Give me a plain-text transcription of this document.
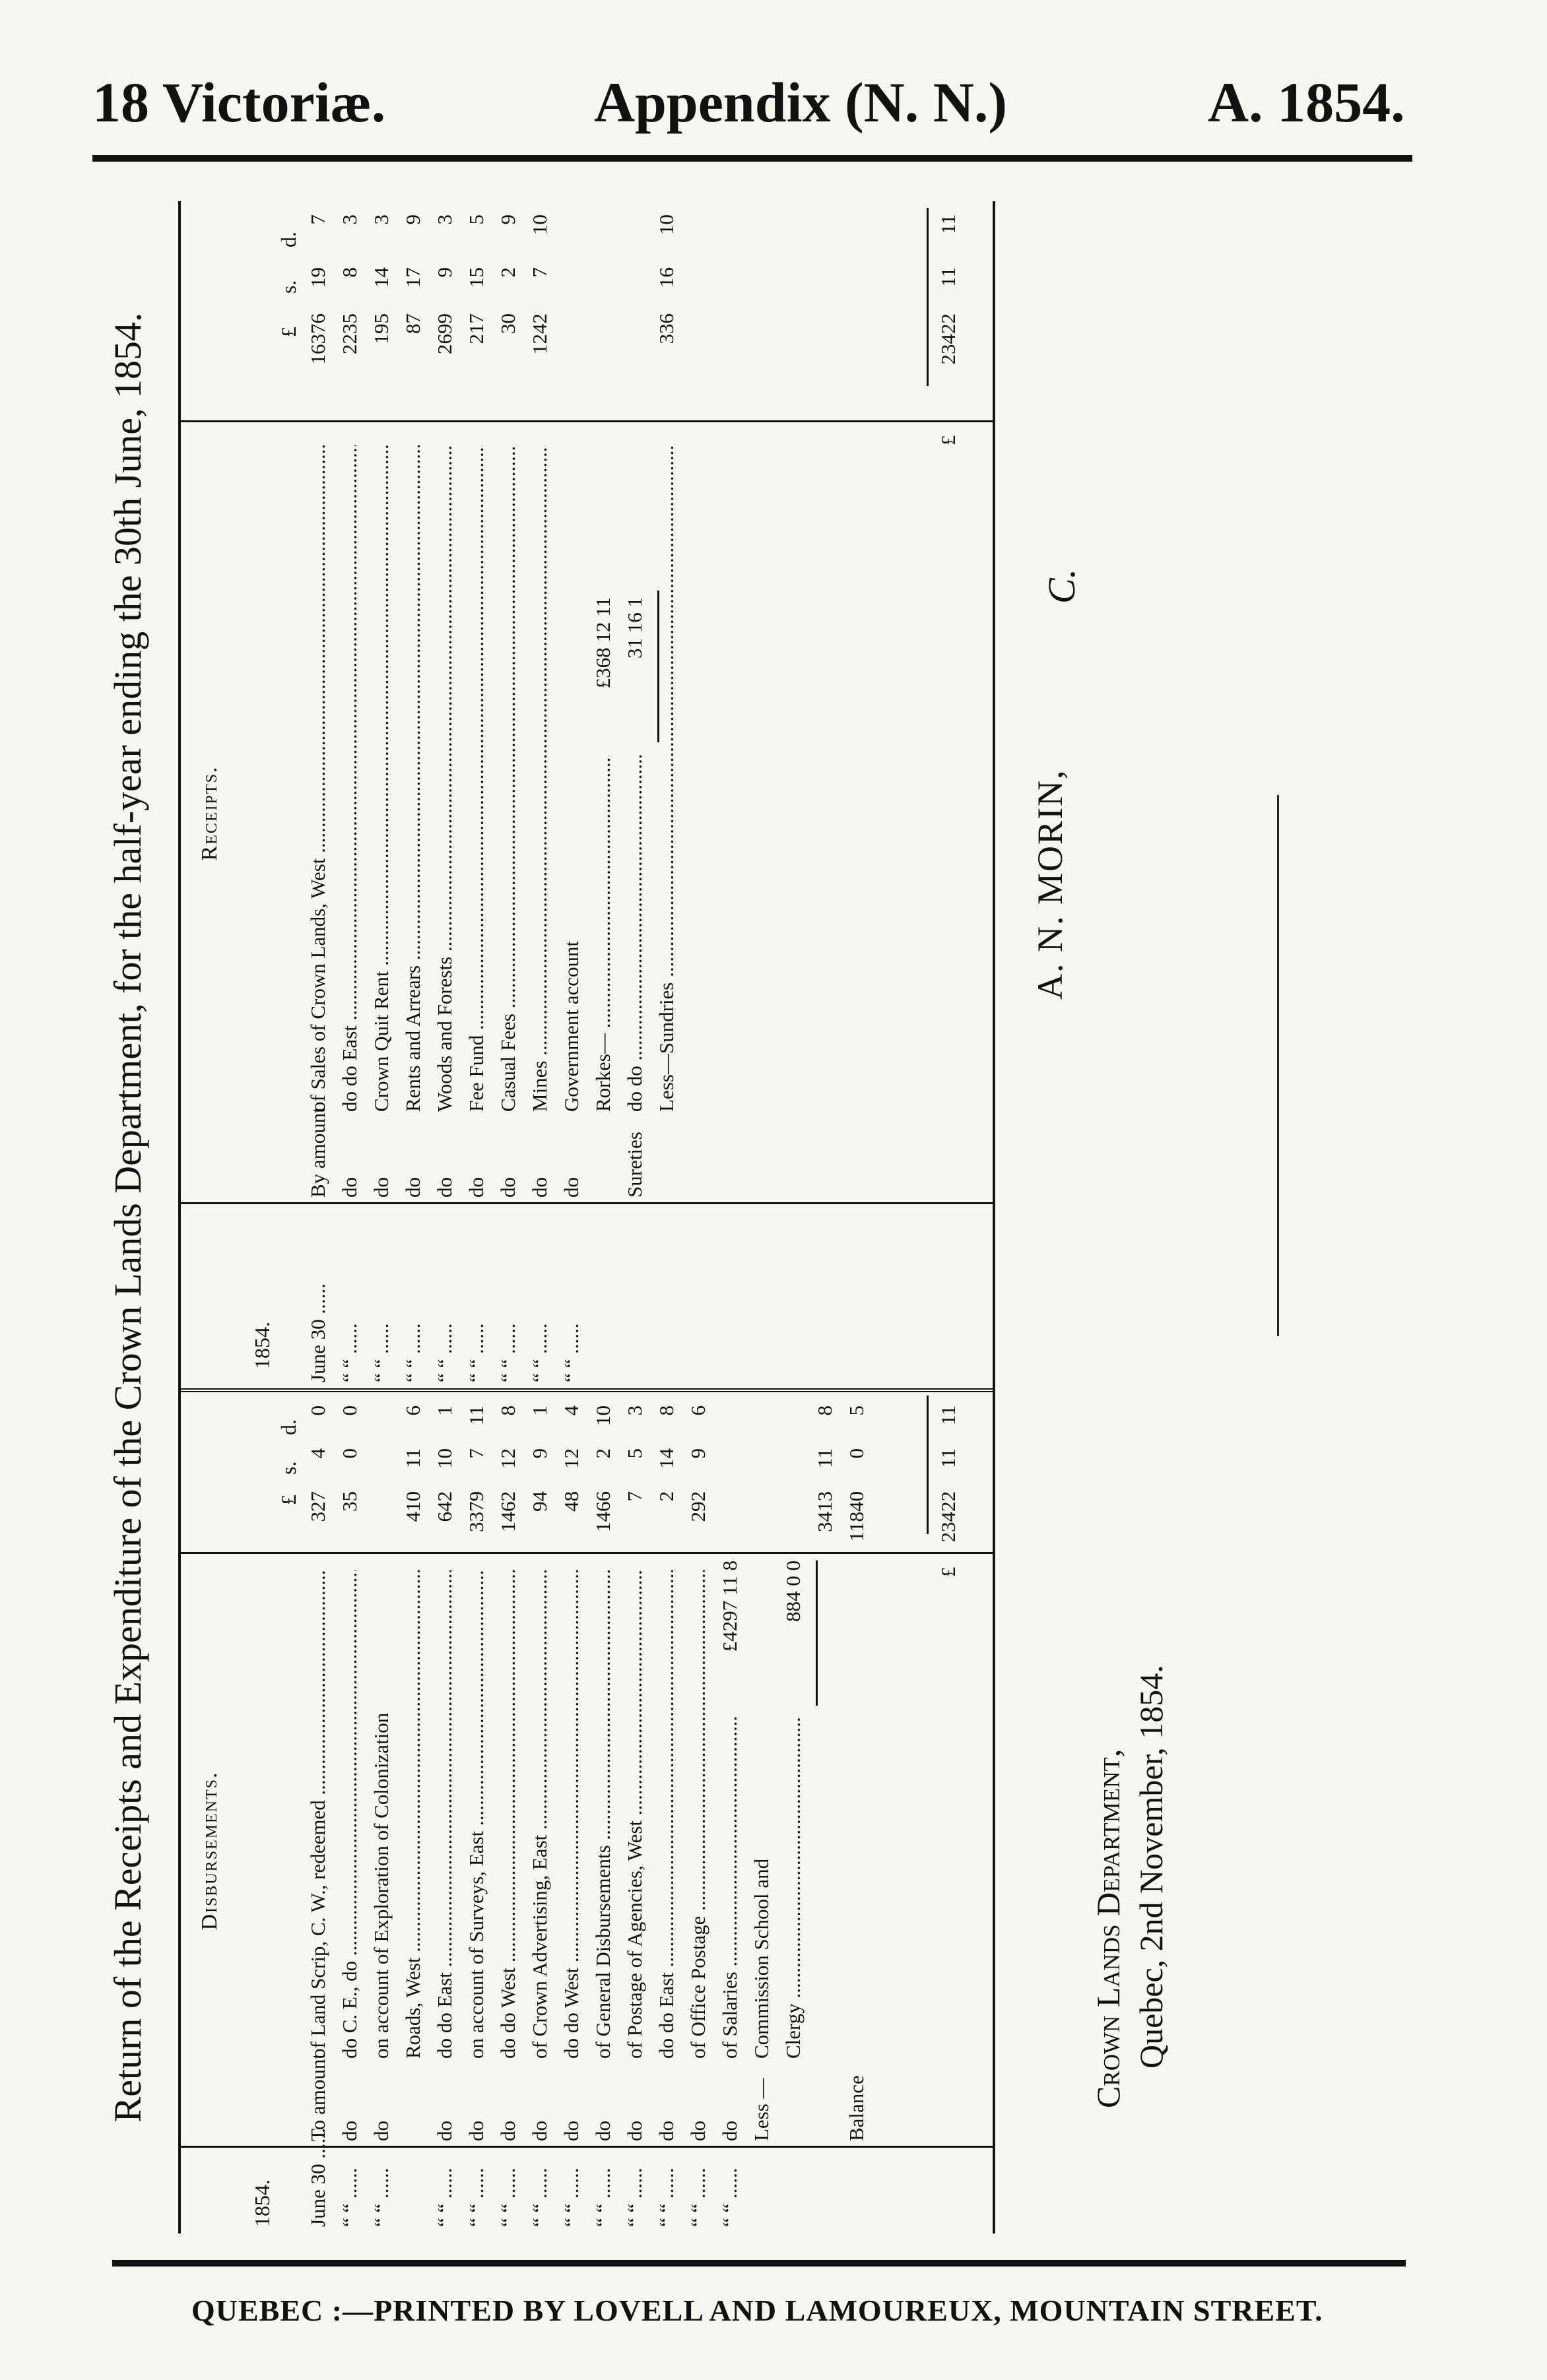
18 Victoriæ.	Appendix (N. N.)	A. 1854.
Return of the Receipts and Expenditure of the Crown Lands Department, for the half-year ending the 30th June, 1854. Disbursements.
1854.
£
s.
d.
Receipts.
1854.
£
s.
d.
June 30 ......
To amount
of Land Scrip, C. W., redeemed .....
327
4
0
“ “ ......
do
do C. E., do .....
35
0
0
“ “ ......
do
on account of Exploration of Colonization Roads, West .....
410
11
6
“ “ ......
do
do do East .....
642
10
1
“ “ ......
do
on account of Surveys, East .....
3379
7
11
“ “ ......
do
do do West .....
1462
12
8
“ “ ......
do
of Crown Advertising, East .....
94
9
1
“ “ ......
do
do do West .....
48
12
4
“ “ ......
do
of General Disbursements .....
1466
2
10
“ “ ......
do
of Postage of Agencies, West .....
7
5
3
“ “ ......
do
do do East .....
2
14
8
“ “ ......
do
of Office Postage .....
292
9
6
“ “ ......
do
of Salaries .....
£4297 11 8
Less —
Commission School and Clergy .....
884 0 0
3413
11
8
Balance
11840
0
5
June 30 ......
By amount
of Sales of Crown Lands, West .....
16376
19
7
“ “ ......
do
do do East .....
2235
8
3
“ “ ......
do
Crown Quit Rent .....
195
14
3
“ “ ......
do
Rents and Arrears .....
87
17
9
“ “ ......
do
Woods and Forests .....
2699
9
3
“ “ ......
do
Fee Fund .....
217
15
5
“ “ ......
do
Casual Fees .....
30
2
9
“ “ ......
do
Mines .....
1242
7
10
“ “ ......
do
Government account Rorkes— .....
£368 12 11
Sureties
do do .....
31 16 1
Less—Sundries .....
336
16
10
£
23422
11
11
£
23422
11
11
Crown Lands Department, Quebec, 2nd November, 1854.
A. N. MORIN,
C.
QUEBEC :—PRINTED BY LOVELL AND LAMOUREUX, MOUNTAIN STREET.
